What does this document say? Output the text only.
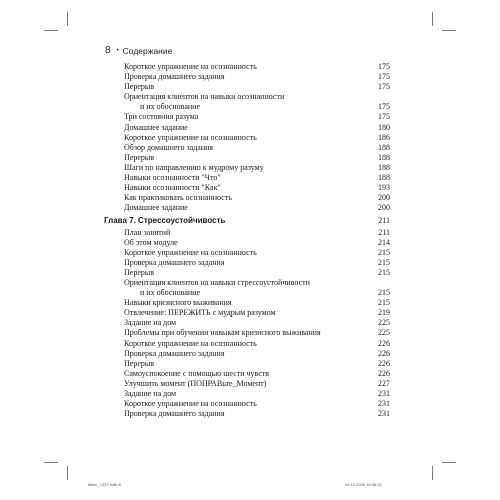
8 • Содержание
Короткое упражнение на осознанность	175
Проверка домашнего задания	175
Перерыв	175
Ориентация клиентов на навыки осознанности
и их обоснование	175
Три состояния разума	175
Домашнее задание	180
Короткое упражнение на осознанность	186
Обзор домашнего задания	188
Перерыв	188
Шаги по направлению к мудрому разуму	188
Навыки осознанности "Что"	188
Навыки осознанности "Как"	193
Как практиковать осознанность	200
Домашнее задание	200
Глава 7. Стрессоустойчивость	211
План занятий	211
Об этом модуле	214
Короткое упражнение на осознанность	215
Проверка домашнего задания	215
Перерыв	215
Ориентация клиентов на навыки стрессоустойчивости
и их обоснование	215
Навыки кризисного выживания	215
Отвлечение: ПЕРЕЖИТЬ с мудрым разумом	219
Задание на дом	225
Проблемы при обучении навыкам кризисного выживания	225
Короткое упражнение на осознанность	226
Проверка домашнего задания	226
Перерыв	226
Самоуспокоение с помощью шести чувств	226
Улучшить момент (ПОПРАВьте_Момент)	227
Задание на дом	231
Короткое упражнение на осознанность	231
Проверка домашнего задания	231
Miller_1337.indb 8	04.10.2020 18:38:32
